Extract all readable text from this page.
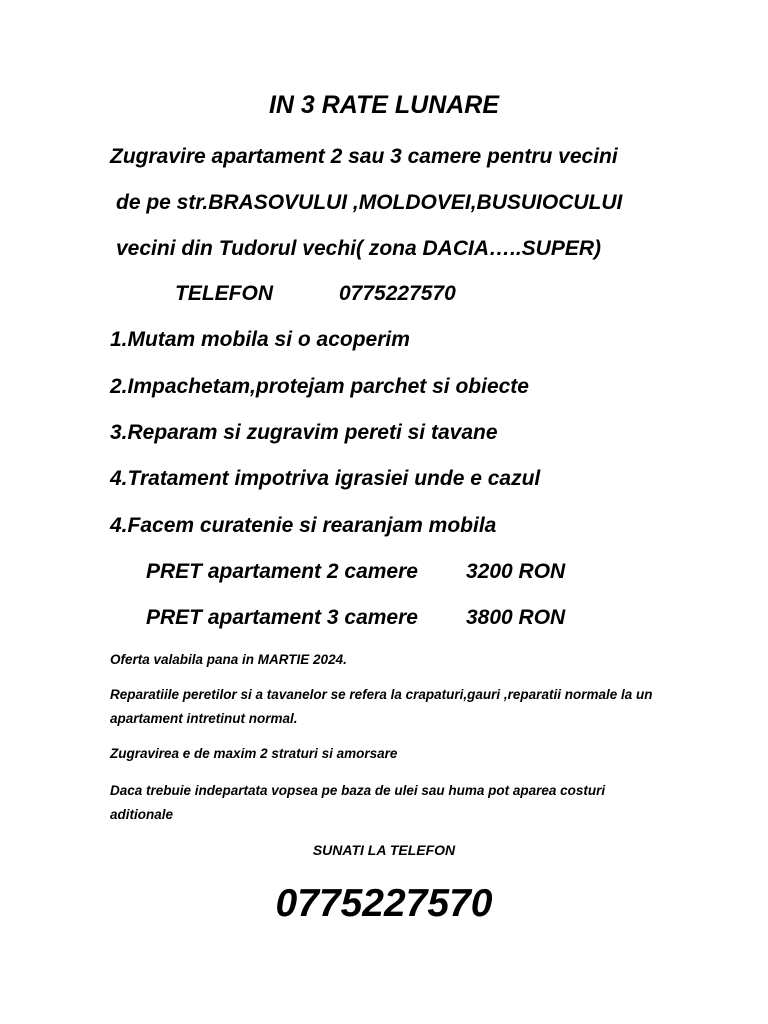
IN 3 RATE LUNARE
Zugravire apartament 2 sau 3 camere pentru vecini
de pe str.BRASOVULUI ,MOLDOVEI,BUSUIOCULUI
vecini din Tudorul vechi( zona DACIA…..SUPER)
TELEFON	0775227570
1.Mutam mobila si o acoperim
2.Impachetam,protejam parchet si obiecte
3.Reparam si zugravim pereti si tavane
4.Tratament impotriva igrasiei unde e cazul
4.Facem curatenie si rearanjam mobila
PRET apartament 2 camere 3200 RON
PRET apartament 3 camere 3800 RON
Oferta valabila pana in MARTIE 2024.
Reparatiile peretilor si a tavanelor se refera la crapaturi,gauri ,reparatii normale la un apartament intretinut normal.
Zugravirea e de maxim 2 straturi si amorsare
Daca trebuie indepartata vopsea pe baza de ulei sau huma pot aparea costuri aditionale
SUNATI LA TELEFON
0775227570
